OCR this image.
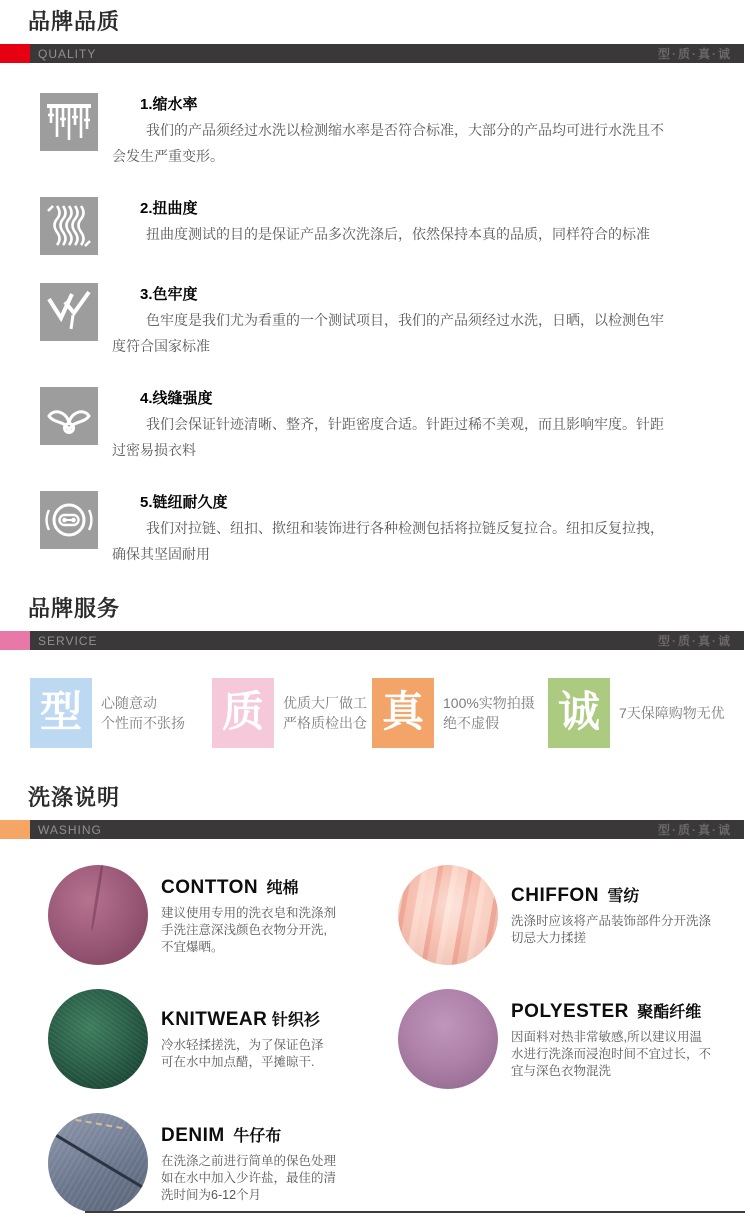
品牌品质
QUALITY	型·质·真·诚
1.缩水率

我们的产品须经过水洗以检测缩水率是否符合标准，大部分的产品均可进行水洗且不会发生严重变形。

2.扭曲度

扭曲度测试的目的是保证产品多次洗涤后，依然保持本真的品质，同样符合的标准

3.色牢度

色牢度是我们尤为看重的一个测试项目，我们的产品须经过水洗，日晒，以检测色牢度符合国家标准

4.线缝强度

我们会保证针迹清晰、整齐，针距密度合适。针距过稀不美观，而且影响牢度。针距过密易损衣料

5.链纽耐久度

我们对拉链、纽扣、揿纽和装饰进行各种检测包括将拉链反复拉合。纽扣反复拉拽，确保其坚固耐用

品牌服务
SERVICE	型·质·真·诚
型	心随意动
个性而不张扬 质	优质大厂做工
严格质检出仓 真	100%实物拍摄
绝不虚假	诚	7天保障购物无优
洗涤说明
WASHING	型·质·真·诚
CONTTON 纯棉
建议使用专用的洗衣皂和洗涤剂
手洗注意深浅颜色衣物分开洗,
不宜爆晒。
CHIFFON 雪纺
洗涤时应该将产品装饰部件分开洗涤
切忌大力揉搓
KNITWEAR 针织衫
冷水轻揉搓洗，为了保证色泽
可在水中加点醋，平摊晾干.
POLYESTER 聚酯纤维
因面料对热非常敏感,所以建议用温
水进行洗涤而浸泡时间不宜过长，不
宜与深色衣物混洗
DENIM 牛仔布
在洗涤之前进行简单的保色处理
如在水中加入少许盐，最佳的清
洗时间为6-12个月
